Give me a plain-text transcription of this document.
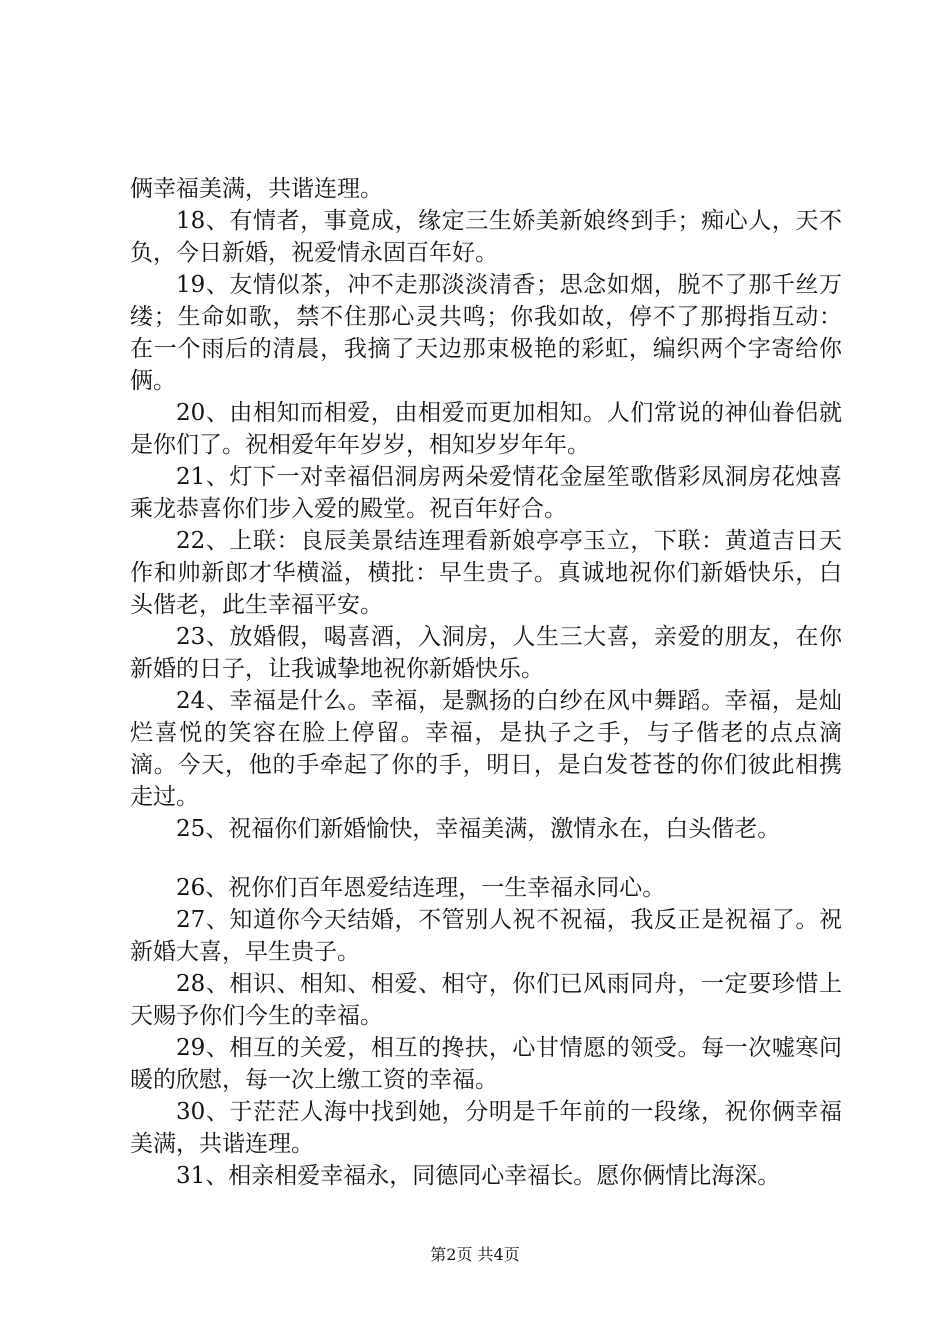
俩幸福美满，共谐连理。

18、有情者，事竟成，缘定三生娇美新娘终到手；痴心人，天不负，今日新婚，祝爱情永固百年好。

19、友情似茶，冲不走那淡淡清香；思念如烟，脱不了那千丝万缕；生命如歌，禁不住那心灵共鸣；你我如故，停不了那拇指互动：在一个雨后的清晨，我摘了天边那束极艳的彩虹，编织两个字寄给你俩。

20、由相知而相爱，由相爱而更加相知。人们常说的神仙眷侣就是你们了。祝相爱年年岁岁，相知岁岁年年。

21、灯下一对幸福侣洞房两朵爱情花金屋笙歌偕彩凤洞房花烛喜乘龙恭喜你们步入爱的殿堂。祝百年好合。

22、上联：良辰美景结连理看新娘亭亭玉立，下联：黄道吉日天作和帅新郎才华横溢，横批：早生贵子。真诚地祝你们新婚快乐，白头偕老，此生幸福平安。

23、放婚假，喝喜酒，入洞房，人生三大喜，亲爱的朋友，在你新婚的日子，让我诚挚地祝你新婚快乐。

24、幸福是什么。幸福，是飘扬的白纱在风中舞蹈。幸福，是灿烂喜悦的笑容在脸上停留。幸福，是执子之手，与子偕老的点点滴滴。今天，他的手牵起了你的手，明日，是白发苍苍的你们彼此相携走过。

25、祝福你们新婚愉快，幸福美满，激情永在，白头偕老。

26、祝你们百年恩爱结连理，一生幸福永同心。

27、知道你今天结婚，不管别人祝不祝福，我反正是祝福了。祝新婚大喜，早生贵子。

28、相识、相知、相爱、相守，你们已风雨同舟，一定要珍惜上天赐予你们今生的幸福。

29、相互的关爱，相互的搀扶，心甘情愿的领受。每一次嘘寒问暖的欣慰，每一次上缴工资的幸福。

30、于茫茫人海中找到她，分明是千年前的一段缘，祝你俩幸福美满，共谐连理。

31、相亲相爱幸福永，同德同心幸福长。愿你俩情比海深。

第2页 共4页
